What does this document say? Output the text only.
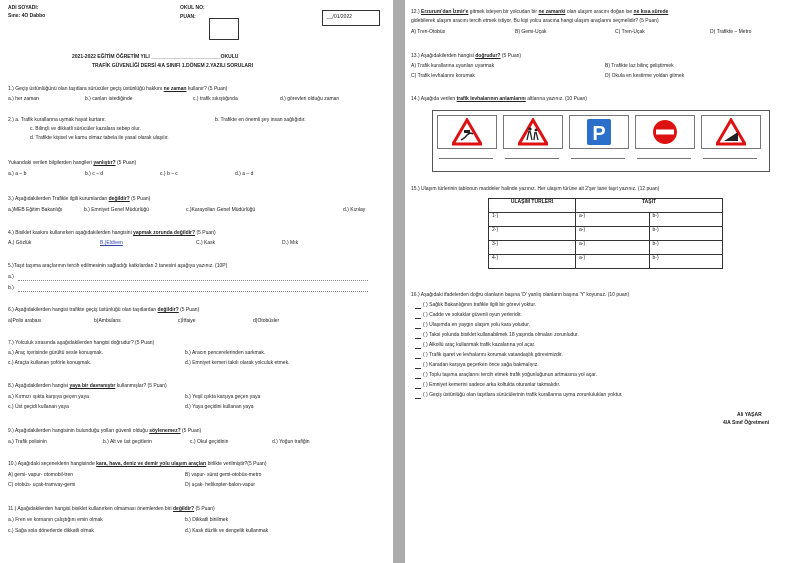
ADI SOYADI:
Sınıı: 4O Dabbo
OKUL NO:
PUAN:	__/01/2022
2021-2022 EĞİTİM ÖĞRETİM YILI _________________________OKULU
TRAFİK GÜVENLİĞİ DERSİ 4/A SINIFI 1.DÖNEM 2.YAZILI SORULARI
1.) Geçiş üstünlüğünü olan taşıtlara sürücüler geçiş üstünlüğü hakkını ne zaman kullanır? (5 Puan)
a.) her zaman	b.) canları istediğinde	c.) trafik sıkıştığında	d.) görevleri olduğu zaman
2.) a. Trafik kurallarına uymak hayat kurtarır.	b. Trafikte en önemli şey insan sağlığıdır.
c. Bilinçli ve dikkatli sürücüler kazalara sebep olur.
d. Trafikte kişisel ve kamu olmaz tabela ile yasal olarak ulaşılır.
Yukarıdaki verilen bilgilerden hangileri yanlıştır? (5 Puan)
a.) a – b	b.) c – d	c.) b – c	d.) a – d
3.) Aşağıdakilerden Trafikle ilgili kurumlardan değildir? (5 Puan)
a.)MEB Eğitim Bakanlığı	b.) Emniyet Genel Müdürlüğü	c.)Karayolları Genel Müdürlüğü	d.) Kızılay
4.) Bisiklet kaskını kullanırken aşağıdakilerden hangisini yapmak zorunda değildir? (5 Puan)
A.) Gözlük	B.)Eldiven	C.) Kask	D.) Mık
5.)Taşıt taşıma araçlarının tercih edilmesinin sağladığı katkılardan 2 tanesini aşağıya yazınız. (10P)
a.)
b.)
6.) Aşağıdakilerden hangisi trafikte geçiş üstünlüğü olan taşıtlardan değildir? (5 Puan)
a)Polis arabası	b)Ambulans	c)İtfaiye	d)Otobüsler
7.) Yolculuk sırasında aşağıdakilerden hangisi doğrudur? (5 Puan)
a.) Araç içerisinde gürültü sesle konuşmak.	b.) Aracın pencerelerinden sarkmak.
c.) Araçta kullanan şoförle konuşmak.	d.) Emniyet kemeri takılı olarak yolculuk etmek.
8.) Aşağıdakilerden hangisi yaya bir davranıştır kullanmışlar? (5 Puan)
a.) Kırmızı ışıkta karşıya geçen yaya	b.) Yeşil ışıkta karşıya geçen yaya
c.) Üst geçidi kullanan yaya	d.) Yaya geçidini kullanan yaya
9.) Aşağıdakilerden hangisinin bulunduğu yolları güvenli olduğu söylenemez? (5 Puan)
a.) Trafik polisinin	b.) Alt ve üst geçitlerin	c.) Okul geçidinin	d.) Yoğun trafiğin
10.) Aşağıdaki seçeneklerin hangisinde kara, hava, deniz ve demir yolu ulaşım araçları birlikte verilmiştir?(5 Puan)
A) gemi- vapur- otomobil-tren	B) vapur- sürat gemi-otobüs-metro
C) otobüs- uçak-tramvay-gemi	D) uçak- helikopter-balon-vapur
11.) Aşağıdakilerden hangisi bisiklet kullanırken olmaması önemlerden biri değildir? (5 Puan)
a.) Fren ve kornanın çalıştığını emin olmak	b.) Dikkatli binilmek
c.) Sağa sola dönerlerde dikkatli olmak	d.) Kask düzlik ve dengelik kullanmak
12.) Erzurum'dan İzmir'e gitmek isteyen bir yolcudan bir ne zamanki olan ulaşım aracını doğan ise ne kısa sürede
gidebilerek ulaşım aracını tercih etmek istiyor. Bu kişi yolcu aracına hangi ulaşım araçlarını seçmelidir? (5 Puan)
A) Tren-Otobüs	B) Gemi-Uçak	C) Tren-Uçak	D) Trafikte – Metro
13.) Aşağıdakilerden hangisi doğrudur? (5 Puan)
A) Trafik kurallarına uyanları uyarmak	B) Trafikte laz bilinç geliştirmek
C) Trafik levhalarını korumak	D) Okula en kestirme yoldan gitmek
14.) Aşağıda verilen trafik levhalarının anlamlarını altlarına yazınız. (10 Puan)
P
15.) Ulaşım türlerinin tablonun maddeler halinde yazınız. Her ulaşım türüne ait 2'şer tane taşıt yazınız. (12 puan)
ULAŞIM TÜRLERİ	TAŞIT	
1-)	a-)	b-)
2-)	a-)	b-)
3-)	a-)	b-)
4-)	a-)	b-)
16.) Aşağıdaki ifadelerden doğru olanların başına 'D' yanlış olanların başına 'Y' koyunuz. (10 puan)
( ) Sağlık Bakanlığının trafikle ilgili bir görevi yoktur.
( ) Cadde ve sokaklar güvenli oyun yerleridir.
( ) Ulaşımda en yaygın ulaşım yolu kara yoludur.
( ) Taksi yolunda bisiklet kullanabilmek 18 yaşında olmaları zorunludur.
( ) Alkollü araç kullanmak trafik kazalarına yol açar.
( ) Trafik işaret ve levhalarını korumak vatandaşlık görevimizdir.
( ) Karadan karşıya geçerken önce sağa bakmalıyız.
( ) Toplu taşıma araçlarını tercih etmek trafik yoğunluğunun artmasına yol açar.
( ) Emniyet kemerini sadece arka koltukta oturanlar takmalıdır.
( ) Geçiş üstünlüğü olan taşıtlara sürücülerinin trafik kurallarına uyma zorunlulukları yoktur.
Ali YAŞAR
4/A Sınıf Öğretmeni
